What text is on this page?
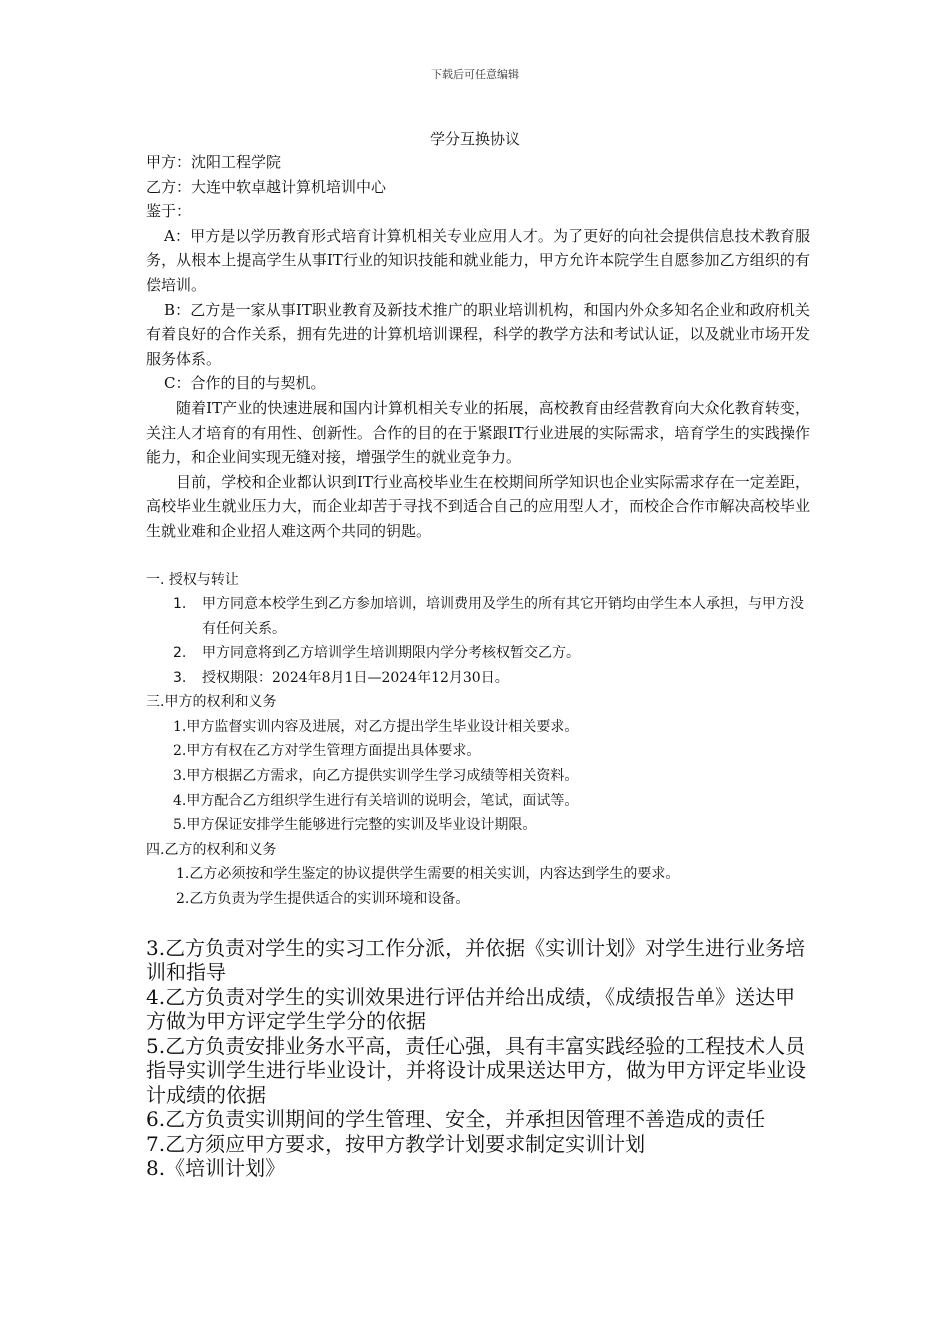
下载后可任意编辑
学分互换协议

甲方：沈阳工程学院

乙方：大连中软卓越计算机培训中心

鉴于：

A：甲方是以学历教育形式培育计算机相关专业应用人才。为了更好的向社会提供信息技术教育服务，从根本上提高学生从事IT行业的知识技能和就业能力，甲方允许本院学生自愿参加乙方组织的有偿培训。

B：乙方是一家从事IT职业教育及新技术推广的职业培训机构，和国内外众多知名企业和政府机关有着良好的合作关系，拥有先进的计算机培训课程，科学的教学方法和考试认证，以及就业市场开发服务体系。

C：合作的目的与契机。

随着IT产业的快速进展和国内计算机相关专业的拓展，高校教育由经营教育向大众化教育转变，关注人才培育的有用性、创新性。合作的目的在于紧跟IT行业进展的实际需求，培育学生的实践操作能力，和企业间实现无缝对接，增强学生的就业竞争力。

目前，学校和企业都认识到IT行业高校毕业生在校期间所学知识也企业实际需求存在一定差距，高校毕业生就业压力大，而企业却苦于寻找不到适合自己的应用型人才，而校企合作市解决高校毕业生就业难和企业招人难这两个共同的钥匙。

一. 授权与转让

1. 甲方同意本校学生到乙方参加培训，培训费用及学生的所有其它开销均由学生本人承担，与甲方没有任何关系。
2. 甲方同意将到乙方培训学生培训期限内学分考核权暂交乙方。
3. 授权期限：2024年8月1日—2024年12月30日。

三.甲方的权利和义务

1.甲方监督实训内容及进展，对乙方提出学生毕业设计相关要求。

2.甲方有权在乙方对学生管理方面提出具体要求。

3.甲方根据乙方需求，向乙方提供实训学生学习成绩等相关资料。

4.甲方配合乙方组织学生进行有关培训的说明会，笔试，面试等。

5.甲方保证安排学生能够进行完整的实训及毕业设计期限。

四.乙方的权利和义务

1.乙方必须按和学生鉴定的协议提供学生需要的相关实训，内容达到学生的要求。

2.乙方负责为学生提供适合的实训环境和设备。

3.乙方负责对学生的实习工作分派，并依据《实训计划》对学生进行业务培训和指导

4.乙方负责对学生的实训效果进行评估并给出成绩，《成绩报告单》送达甲方做为甲方评定学生学分的依据

5.乙方负责安排业务水平高，责任心强，具有丰富实践经验的工程技术人员指导实训学生进行毕业设计，并将设计成果送达甲方，做为甲方评定毕业设计成绩的依据

6.乙方负责实训期间的学生管理、安全，并承担因管理不善造成的责任

7.乙方须应甲方要求，按甲方教学计划要求制定实训计划

8.《培训计划》
